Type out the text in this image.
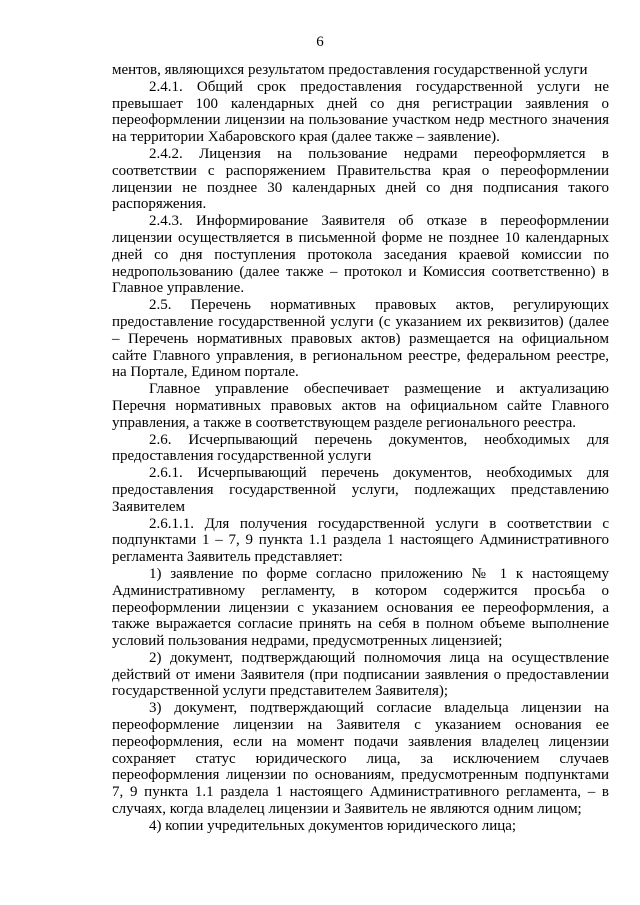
6

ментов, являющихся результатом предоставления государственной услуги

2.4.1. Общий срок предоставления государственной услуги не превышает 100 календарных дней со дня регистрации заявления о переоформлении лицензии на пользование участком недр местного значения на территории Хабаровского края (далее также – заявление).

2.4.2. Лицензия на пользование недрами переоформляется в соответствии с распоряжением Правительства края о переоформлении лицензии не позднее 30 календарных дней со дня подписания такого распоряжения.

2.4.3. Информирование Заявителя об отказе в переоформлении лицензии осуществляется в письменной форме не позднее 10 календарных дней со дня поступления протокола заседания краевой комиссии по недропользованию (далее также – протокол и Комиссия соответственно) в Главное управление.

2.5. Перечень нормативных правовых актов, регулирующих предоставление государственной услуги (с указанием их реквизитов) (далее – Перечень нормативных правовых актов) размещается на официальном сайте Главного управления, в региональном реестре, федеральном реестре, на Портале, Едином портале.

Главное управление обеспечивает размещение и актуализацию Перечня нормативных правовых актов на официальном сайте Главного управления, а также в соответствующем разделе регионального реестра.

2.6. Исчерпывающий перечень документов, необходимых для предоставления государственной услуги

2.6.1. Исчерпывающий перечень документов, необходимых для предоставления государственной услуги, подлежащих представлению Заявителем

2.6.1.1. Для получения государственной услуги в соответствии с подпунктами 1 – 7, 9 пункта 1.1 раздела 1 настоящего Административного регламента Заявитель представляет:

1) заявление по форме согласно приложению № 1 к настоящему Административному регламенту, в котором содержится просьба о переоформлении лицензии с указанием основания ее переоформления, а также выражается согласие принять на себя в полном объеме выполнение условий пользования недрами, предусмотренных лицензией;

2) документ, подтверждающий полномочия лица на осуществление действий от имени Заявителя (при подписании заявления о предоставлении государственной услуги представителем Заявителя);

3) документ, подтверждающий согласие владельца лицензии на переоформление лицензии на Заявителя с указанием основания ее переоформления, если на момент подачи заявления владелец лицензии сохраняет статус юридического лица, за исключением случаев переоформления лицензии по основаниям, предусмотренным подпунктами 7, 9 пункта 1.1 раздела 1 настоящего Административного регламента, – в случаях, когда владелец лицензии и Заявитель не являются одним лицом;

4) копии учредительных документов юридического лица;
